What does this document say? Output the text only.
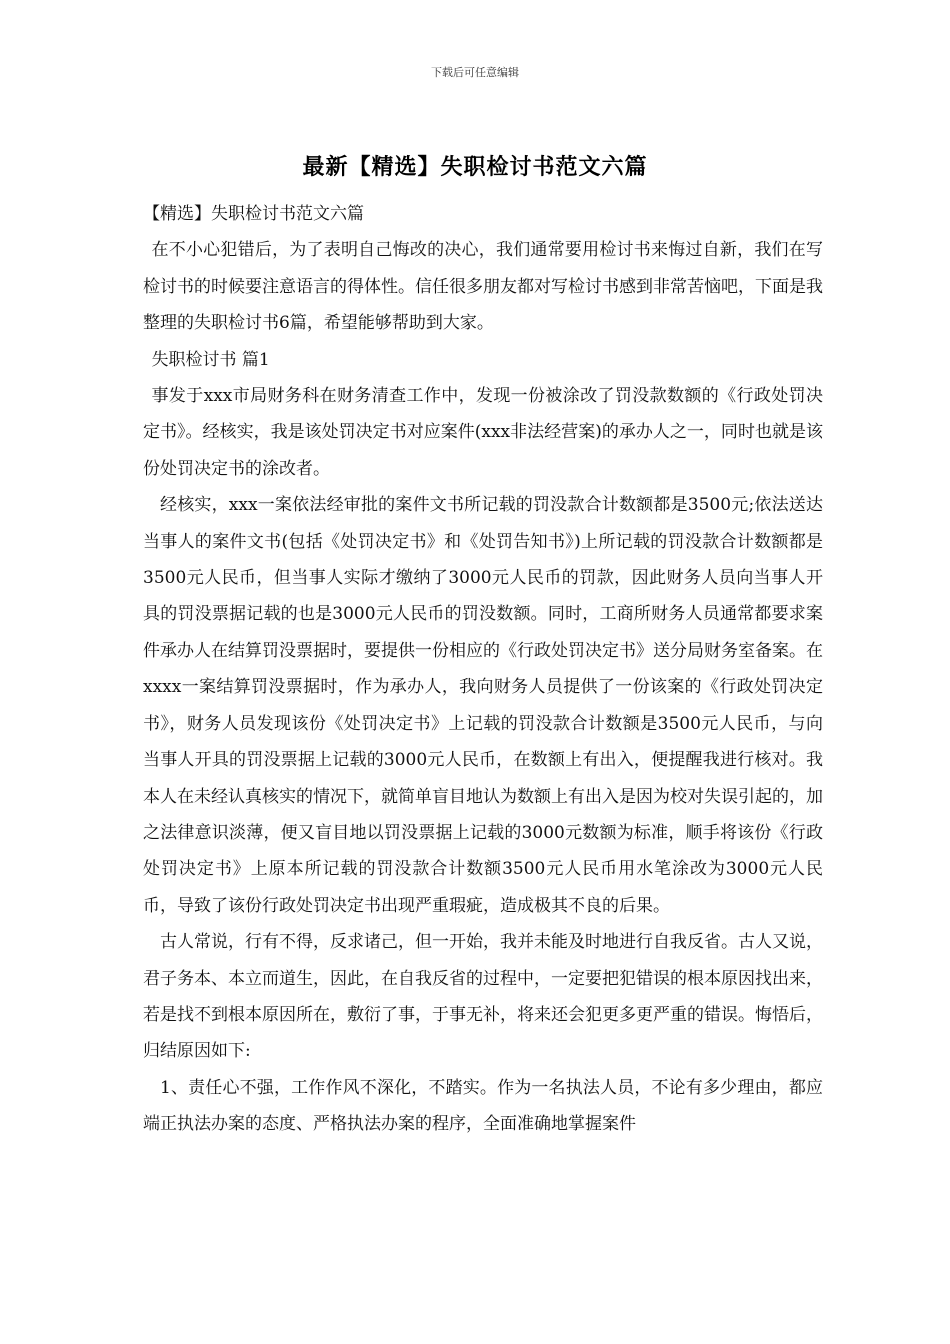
下载后可任意编辑
最新【精选】失职检讨书范文六篇

【精选】失职检讨书范文六篇

在不小心犯错后，为了表明自己悔改的决心，我们通常要用检讨书来悔过自新，我们在写检讨书的时候要注意语言的得体性。信任很多朋友都对写检讨书感到非常苦恼吧，下面是我整理的失职检讨书6篇，希望能够帮助到大家。

失职检讨书 篇1

事发于xxx市局财务科在财务清查工作中，发现一份被涂改了罚没款数额的《行政处罚决定书》。经核实，我是该处罚决定书对应案件(xxx非法经营案)的承办人之一，同时也就是该份处罚决定书的涂改者。

经核实，xxx一案依法经审批的案件文书所记载的罚没款合计数额都是3500元;依法送达当事人的案件文书(包括《处罚决定书》和《处罚告知书》)上所记载的罚没款合计数额都是3500元人民币，但当事人实际才缴纳了3000元人民币的罚款，因此财务人员向当事人开具的罚没票据记载的也是3000元人民币的罚没数额。同时，工商所财务人员通常都要求案件承办人在结算罚没票据时，要提供一份相应的《行政处罚决定书》送分局财务室备案。在xxxx一案结算罚没票据时，作为承办人，我向财务人员提供了一份该案的《行政处罚决定书》，财务人员发现该份《处罚决定书》上记载的罚没款合计数额是3500元人民币，与向当事人开具的罚没票据上记载的3000元人民币，在数额上有出入，便提醒我进行核对。我本人在未经认真核实的情况下，就简单盲目地认为数额上有出入是因为校对失误引起的，加之法律意识淡薄，便又盲目地以罚没票据上记载的3000元数额为标准，顺手将该份《行政处罚决定书》上原本所记载的罚没款合计数额3500元人民币用水笔涂改为3000元人民币，导致了该份行政处罚决定书出现严重瑕疵，造成极其不良的后果。

古人常说，行有不得，反求诸己，但一开始，我并未能及时地进行自我反省。古人又说，君子务本、本立而道生，因此，在自我反省的过程中，一定要把犯错误的根本原因找出来，若是找不到根本原因所在，敷衍了事，于事无补，将来还会犯更多更严重的错误。悔悟后，归结原因如下:

1、责任心不强，工作作风不深化，不踏实。作为一名执法人员，不论有多少理由，都应端正执法办案的态度、严格执法办案的程序，全面准确地掌握案件
